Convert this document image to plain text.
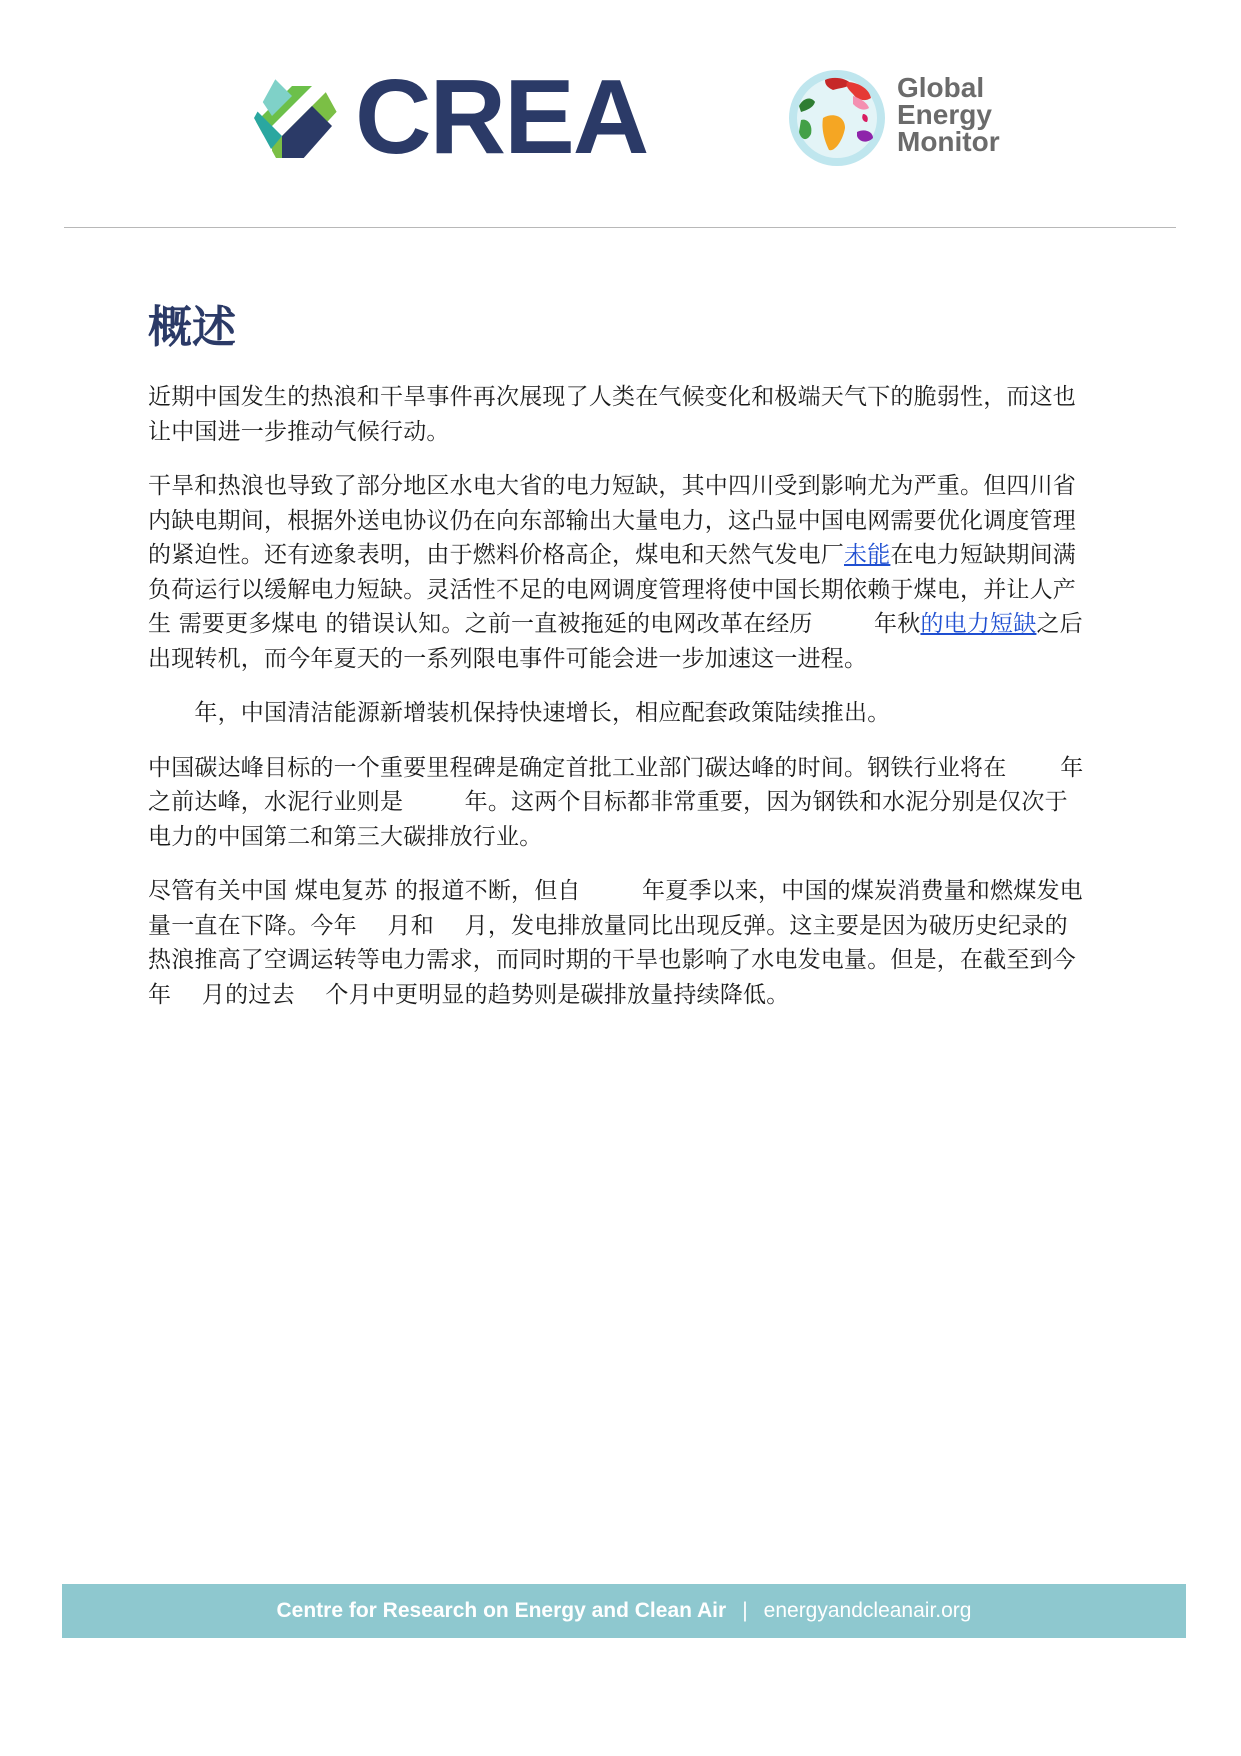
CREA	Global
Energy
Monitor
概述

近期中国发生的热浪和干旱事件再次展现了人类在气候变化和极端天气下的脆弱性，而这也让中国进一步推动气候行动。

干旱和热浪也导致了部分地区水电大省的电力短缺，其中四川受到影响尤为严重。但四川省内缺电期间，根据外送电协议仍在向东部输出大量电力，这凸显中国电网需要优化调度管理的紧迫性。还有迹象表明，由于燃料价格高企，煤电和天然气发电厂未能在电力短缺期间满负荷运行以缓解电力短缺。灵活性不足的电网调度管理将使中国长期依赖于煤电，并让人产生 需要更多煤电 的错误认知。之前一直被拖延的电网改革在经历 　　 年秋的电力短缺之后出现转机，而今年夏天的一系列限电事件可能会进一步加速这一进程。

　　年，中国清洁能源新增装机保持快速增长，相应配套政策陆续推出。

中国碳达峰目标的一个重要里程碑是确定首批工业部门碳达峰的时间。钢铁行业将在 　　年之前达峰，水泥行业则是 　　 年。这两个目标都非常重要，因为钢铁和水泥分别是仅次于电力的中国第二和第三大碳排放行业。

尽管有关中国 煤电复苏 的报道不断，但自 　　 年夏季以来，中国的煤炭消费量和燃煤发电量一直在下降。今年 　月和 　月，发电排放量同比出现反弹。这主要是因为破历史纪录的热浪推高了空调运转等电力需求，而同时期的干旱也影响了水电发电量。但是，在截至到今年 　月的过去 　个月中更明显的趋势则是碳排放量持续降低。

Centre for Research on Energy and Clean Air | energyandcleanair.org
